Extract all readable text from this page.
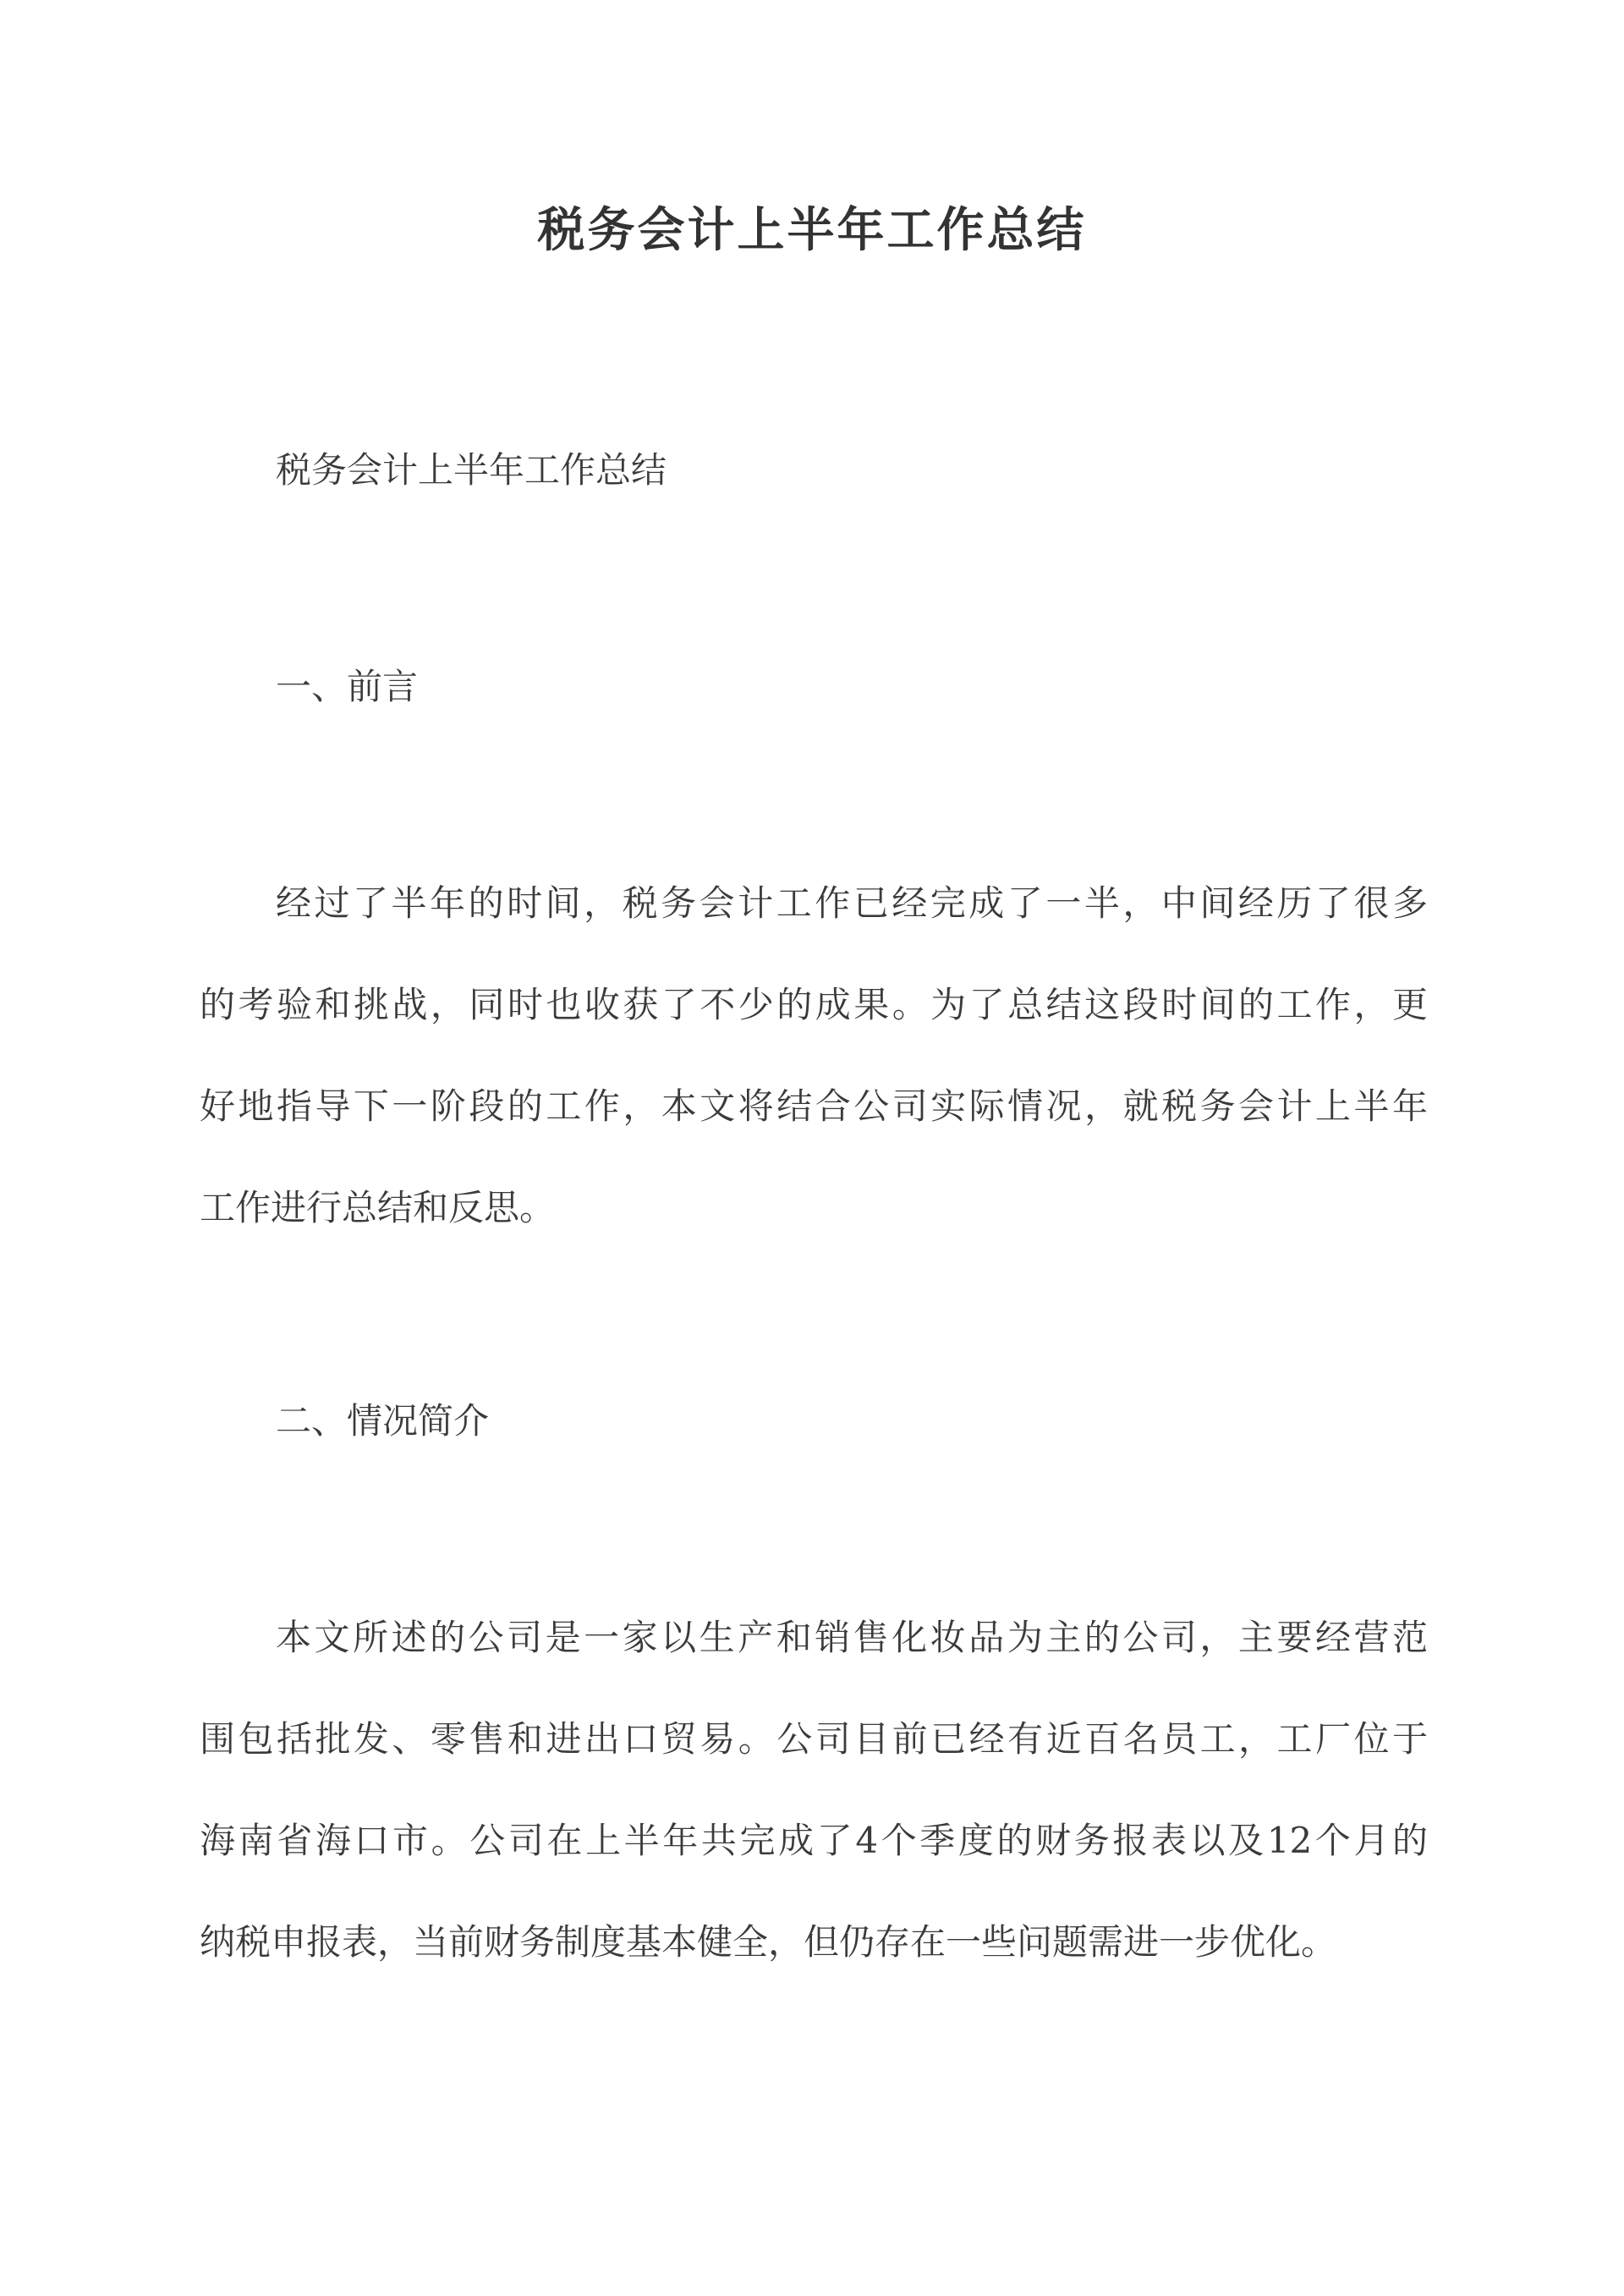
税务会计上半年工作总结
税务会计上半年工作总结
一、前言
经过了半年的时间，税务会计工作已经完成了一半，中间经历了很多
的考验和挑战，同时也收获了不少的成果。为了总结这段时间的工作，更
好地指导下一阶段的工作，本文将结合公司实际情况，就税务会计上半年
工作进行总结和反思。
二、情况简介
本文所述的公司是一家以生产和销售化妆品为主的公司，主要经营范
围包括批发、零售和进出口贸易。公司目前已经有近百名员工，工厂位于
海南省海口市。公司在上半年共完成了4个季度的财务报表以及12个月的
纳税申报表，当前财务制度基本健全，但仍存在一些问题需进一步优化。
